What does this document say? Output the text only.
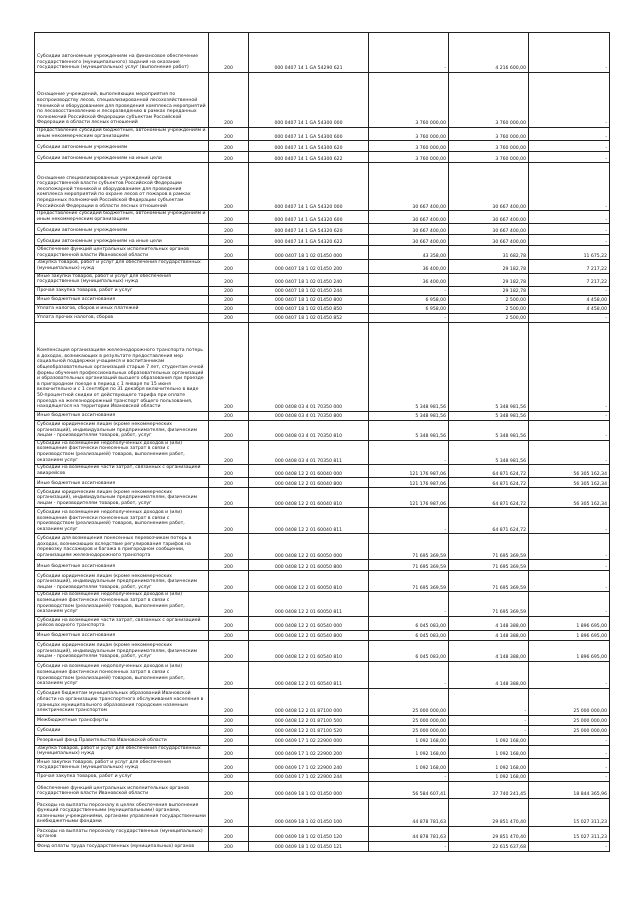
Субсидии автономным учреждениям на финансовое обеспечение государственного (муниципального) задания на оказание государственных (муниципальных) услуг (выполнение работ)	200	000 0407 14 1 GA 54290 621	-	4 216 600,00	-
Оснащение учреждений, выполняющих мероприятия по воспроизводству лесов, специализированной лесохозяйственной техникой и оборудованием для проведения комплекса мероприятий по лесовосстановлению и лесоразведению в рамках переданных полномочий Российской Федерации субъектам Российской Федерации в области лесных отношений	200	000 0407 14 1 GA 54300 000	3 760 000,00	3 760 000,00	-
Предоставление субсидий бюджетным, автономным учреждениям и иным некоммерческим организациям	200	000 0407 14 1 GA 54300 600	3 760 000,00	3 760 000,00	-
Субсидии автономным учреждениям	200	000 0407 14 1 GA 54300 620	3 760 000,00	3 760 000,00	-
Субсидии автономным учреждениям на иные цели	200	000 0407 14 1 GA 54300 622	3 760 000,00	3 760 000,00	-
Оснащение специализированных учреждений органов государственной власти субъектов Российской Федерации лесопожарной техникой и оборудованием для проведения комплекса мероприятий по охране лесов от пожаров в рамках переданных полномочий Российской Федерации субъектам Российской Федерации в области лесных отношений	200	000 0407 14 1 GA 54320 000	30 667 400,00	30 667 400,00	-
Предоставление субсидий бюджетным, автономным учреждениям и иным некоммерческим организациям	200	000 0407 14 1 GA 54320 600	30 667 400,00	30 667 400,00	-
Субсидии автономным учреждениям	200	000 0407 14 1 GA 54320 620	30 667 400,00	30 667 400,00	-
Субсидии автономным учреждениям на иные цели	200	000 0407 14 1 GA 54320 622	30 667 400,00	30 667 400,00	-
Обеспечение функций центральных исполнительных органов государственной власти Ивановской области	200	000 0407 18 1 02 01450 000	43 358,00	31 682,78	11 675,22
Закупка товаров, работ и услуг для обеспечения государственных (муниципальных) нужд	200	000 0407 18 1 02 01450 200	36 400,00	29 182,78	7 217,22
Иные закупки товаров, работ и услуг для обеспечения государственных (муниципальных) нужд	200	000 0407 18 1 02 01450 240	36 400,00	29 182,78	7 217,22
Прочая закупка товаров, работ и услуг	200	000 0407 18 1 02 01450 244	-	29 182,78	-
Иные бюджетные ассигнования	200	000 0407 18 1 02 01450 800	6 958,00	2 500,00	4 458,00
Уплата налогов, сборов и иных платежей	200	000 0407 18 1 02 01450 850	6 958,00	2 500,00	4 458,00
Уплата прочих налогов, сборов	200	000 0407 18 1 02 01450 852	-	2 500,00	-
Компенсация организациям железнодорожного транспорта потерь в доходах, возникающих в результате предоставления мер социальной поддержки учащимся и воспитанникам общеобразовательных организаций старше 7 лет, студентам очной формы обучения профессиональных образовательных организаций и образовательных организаций высшего образования при проезде в пригородном поезде в период с 1 января по 15 июня включительно и с 1 сентября по 31 декабря включительно в виде 50-процентной скидки от действующего тарифа при оплате проезда на железнодорожный транспорт общего пользования, находящегося на территории Ивановской области	200	000 0408 03 4 01 70350 000	5 348 981,56	5 348 981,56	-
Иные бюджетные ассигнования	200	000 0408 03 4 01 70350 800	5 348 981,56	5 348 981,56	-
Субсидии юридическим лицам (кроме некоммерческих организаций), индивидуальным предпринимателям, физическим лицам - производителям товаров, работ, услуг	200	000 0408 03 4 01 70350 810	5 348 981,56	5 348 981,56	-
Субсидии на возмещение недополученных доходов и (или) возмещение фактически понесенных затрат в связи с производством (реализацией) товаров, выполнением работ, оказанием услуг	200	000 0408 03 4 01 70350 811	-	5 348 981,56	-
Субсидии на возмещение части затрат, связанных с организацией авиарейсов	200	000 0408 12 2 01 60040 000	121 176 987,06	64 871 624,72	56 305 162,34
Иные бюджетные ассигнования	200	000 0408 12 2 01 60040 800	121 176 987,06	64 871 624,72	56 305 162,34
Субсидии юридическим лицам (кроме некоммерческих организаций), индивидуальным предпринимателям, физическим лицам - производителям товаров, работ, услуг	200	000 0408 12 2 01 60040 810	121 176 987,06	64 871 624,72	56 305 162,34
Субсидии на возмещение недополученных доходов и (или) возмещение фактически понесенных затрат в связи с производством (реализацией) товаров, выполнением работ, оказанием услуг	200	000 0408 12 2 01 60040 811	-	64 871 624,72	-
Субсидии для возмещения понесенных перевозчиком потерь в доходах, возникающих вследствие регулирования тарифов на перевозку пассажиров и багажа в пригородном сообщении, организациям железнодорожного транспорта	200	000 0408 12 2 01 60050 000	71 695 369,59	71 695 369,59	-
Иные бюджетные ассигнования	200	000 0408 12 2 01 60050 800	71 695 369,59	71 695 369,59	-
Субсидии юридическим лицам (кроме некоммерческих организаций), индивидуальным предпринимателям, физическим лицам - производителям товаров, работ, услуг	200	000 0408 12 2 01 60050 810	71 695 369,59	71 695 369,59	-
Субсидии на возмещение недополученных доходов и (или) возмещение фактически понесенных затрат в связи с производством (реализацией) товаров, выполнением работ, оказанием услуг	200	000 0408 12 2 01 60050 811	-	71 695 369,59	-
Субсидии на возмещение части затрат, связанных с организацией рейсов водного транспорта	200	000 0408 12 2 01 60540 000	6 045 083,00	4 148 388,00	1 896 695,00
Иные бюджетные ассигнования	200	000 0408 12 2 01 60540 800	6 045 083,00	4 148 388,00	1 896 695,00
Субсидии юридическим лицам (кроме некоммерческих организаций), индивидуальным предпринимателям, физическим лицам - производителям товаров, работ, услуг	200	000 0408 12 2 01 60540 810	6 045 083,00	4 148 388,00	1 896 695,00
Субсидии на возмещение недополученных доходов и (или) возмещение фактически понесенных затрат в связи с производством (реализацией) товаров, выполнением работ, оказанием услуг	200	000 0408 12 2 01 60540 811	-	4 148 388,00	-
Субсидия бюджетам муниципальных образований Ивановской области на организацию транспортного обслуживания населения в границах муниципального образования городским наземным электрическим транспортом	200	000 0408 12 2 01 87100 000	25 000 000,00	-	25 000 000,00
Межбюджетные трансферты	200	000 0408 12 2 01 87100 500	25 000 000,00	-	25 000 000,00
Субсидии	200	000 0408 12 2 01 87100 520	25 000 000,00	-	25 000 000,00
Резервный фонд Правительства Ивановской области	200	000 0409 17 1 02 22900 000	1 092 168,00	1 092 168,00	-
Закупка товаров, работ и услуг для обеспечения государственных (муниципальных) нужд	200	000 0409 17 1 02 22900 200	1 092 168,00	1 092 168,00	-
Иные закупки товаров, работ и услуг для обеспечения государственных (муниципальных) нужд	200	000 0409 17 1 02 22900 240	1 092 168,00	1 092 168,00	-
Прочая закупка товаров, работ и услуг	200	000 0409 17 1 02 22900 244	-	1 092 168,00	-
Обеспечение функций центральных исполнительных органов государственной власти Ивановской области	200	000 0409 18 1 02 01450 000	56 584 607,41	37 740 241,45	18 844 365,96
Расходы на выплаты персоналу в целях обеспечения выполнения функций государственными (муниципальными) органами, казенными учреждениями, органами управления государственными внебюджетными фондами	200	000 0409 18 1 02 01450 100	44 878 781,63	29 851 470,40	15 027 311,23
Расходы на выплаты персоналу государственных (муниципальных) органов	200	000 0409 18 1 02 01450 120	44 878 781,63	29 851 470,40	15 027 311,23
Фонд оплаты труда государственных (муниципальных) органов	200	000 0409 18 1 02 01450 121	-	22 615 637,68	-
